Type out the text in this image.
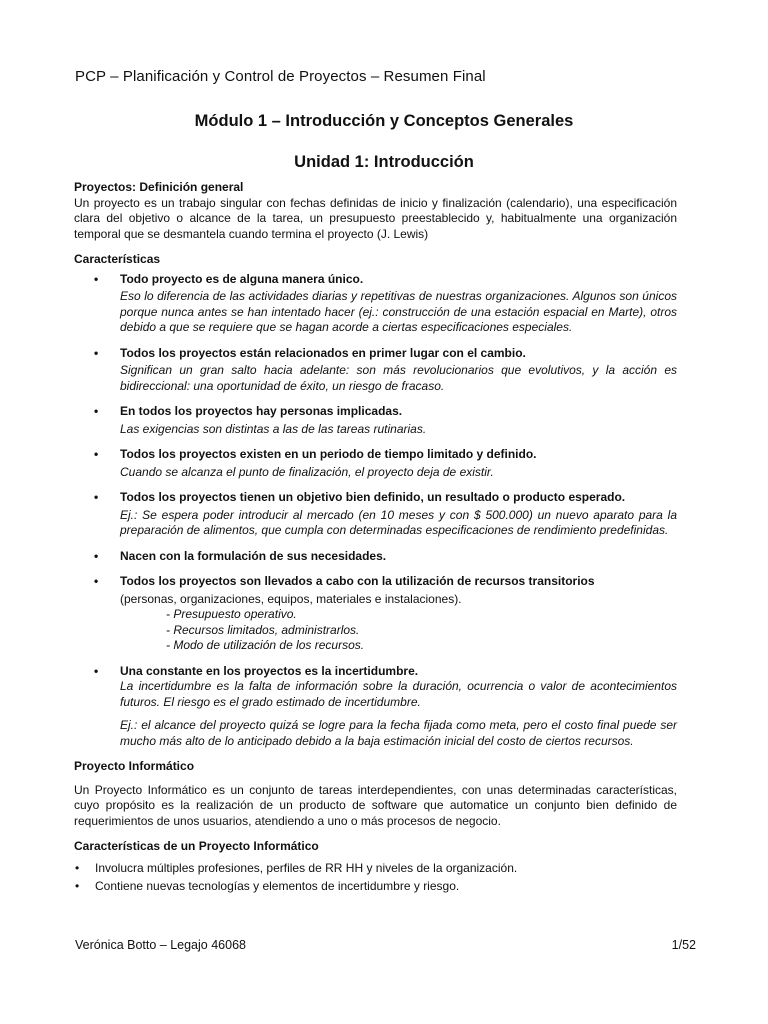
PCP – Planificación y Control de Proyectos – Resumen Final
Módulo 1 – Introducción y Conceptos Generales
Unidad 1: Introducción
Proyectos: Definición general

Un proyecto es un trabajo singular con fechas definidas de inicio y finalización (calendario), una especificación clara del objetivo o alcance de la tarea, un presupuesto preestablecido y, habitualmente una organización temporal que se desmantela cuando termina el proyecto (J. Lewis)

Características
• Todo proyecto es de alguna manera único.
Eso lo diferencia de las actividades diarias y repetitivas de nuestras organizaciones. Algunos son únicos porque nunca antes se han intentado hacer (ej.: construcción de una estación espacial en Marte), otros debido a que se requiere que se hagan acorde a ciertas especificaciones especiales.
• Todos los proyectos están relacionados en primer lugar con el cambio.
Significan un gran salto hacia adelante: son más revolucionarios que evolutivos, y la acción es bidireccional: una oportunidad de éxito, un riesgo de fracaso.
• En todos los proyectos hay personas implicadas.
Las exigencias son distintas a las de las tareas rutinarias.
• Todos los proyectos existen en un periodo de tiempo limitado y definido.
Cuando se alcanza el punto de finalización, el proyecto deja de existir.
• Todos los proyectos tienen un objetivo bien definido, un resultado o producto esperado.
Ej.: Se espera poder introducir al mercado (en 10 meses y con $ 500.000) un nuevo aparato para la preparación de alimentos, que cumpla con determinadas especificaciones de rendimiento predefinidas.
• Nacen con la formulación de sus necesidades.
• Todos los proyectos son llevados a cabo con la utilización de recursos transitorios
(personas, organizaciones, equipos, materiales e instalaciones).
- Presupuesto operativo.
- Recursos limitados, administrarlos.
- Modo de utilización de los recursos.
• Una constante en los proyectos es la incertidumbre.
La incertidumbre es la falta de información sobre la duración, ocurrencia o valor de acontecimientos futuros. El riesgo es el grado estimado de incertidumbre.
Ej.: el alcance del proyecto quizá se logre para la fecha fijada como meta, pero el costo final puede ser mucho más alto de lo anticipado debido a la baja estimación inicial del costo de ciertos recursos.
Proyecto Informático

Un Proyecto Informático es un conjunto de tareas interdependientes, con unas determinadas características, cuyo propósito es la realización de un producto de software que automatice un conjunto bien definido de requerimientos de unos usuarios, atendiendo a uno o más procesos de negocio.

Características de un Proyecto Informático
• Involucra múltiples profesiones, perfiles de RR HH y niveles de la organización.
• Contiene nuevas tecnologías y elementos de incertidumbre y riesgo.
Verónica Botto – Legajo 46068	1/52
